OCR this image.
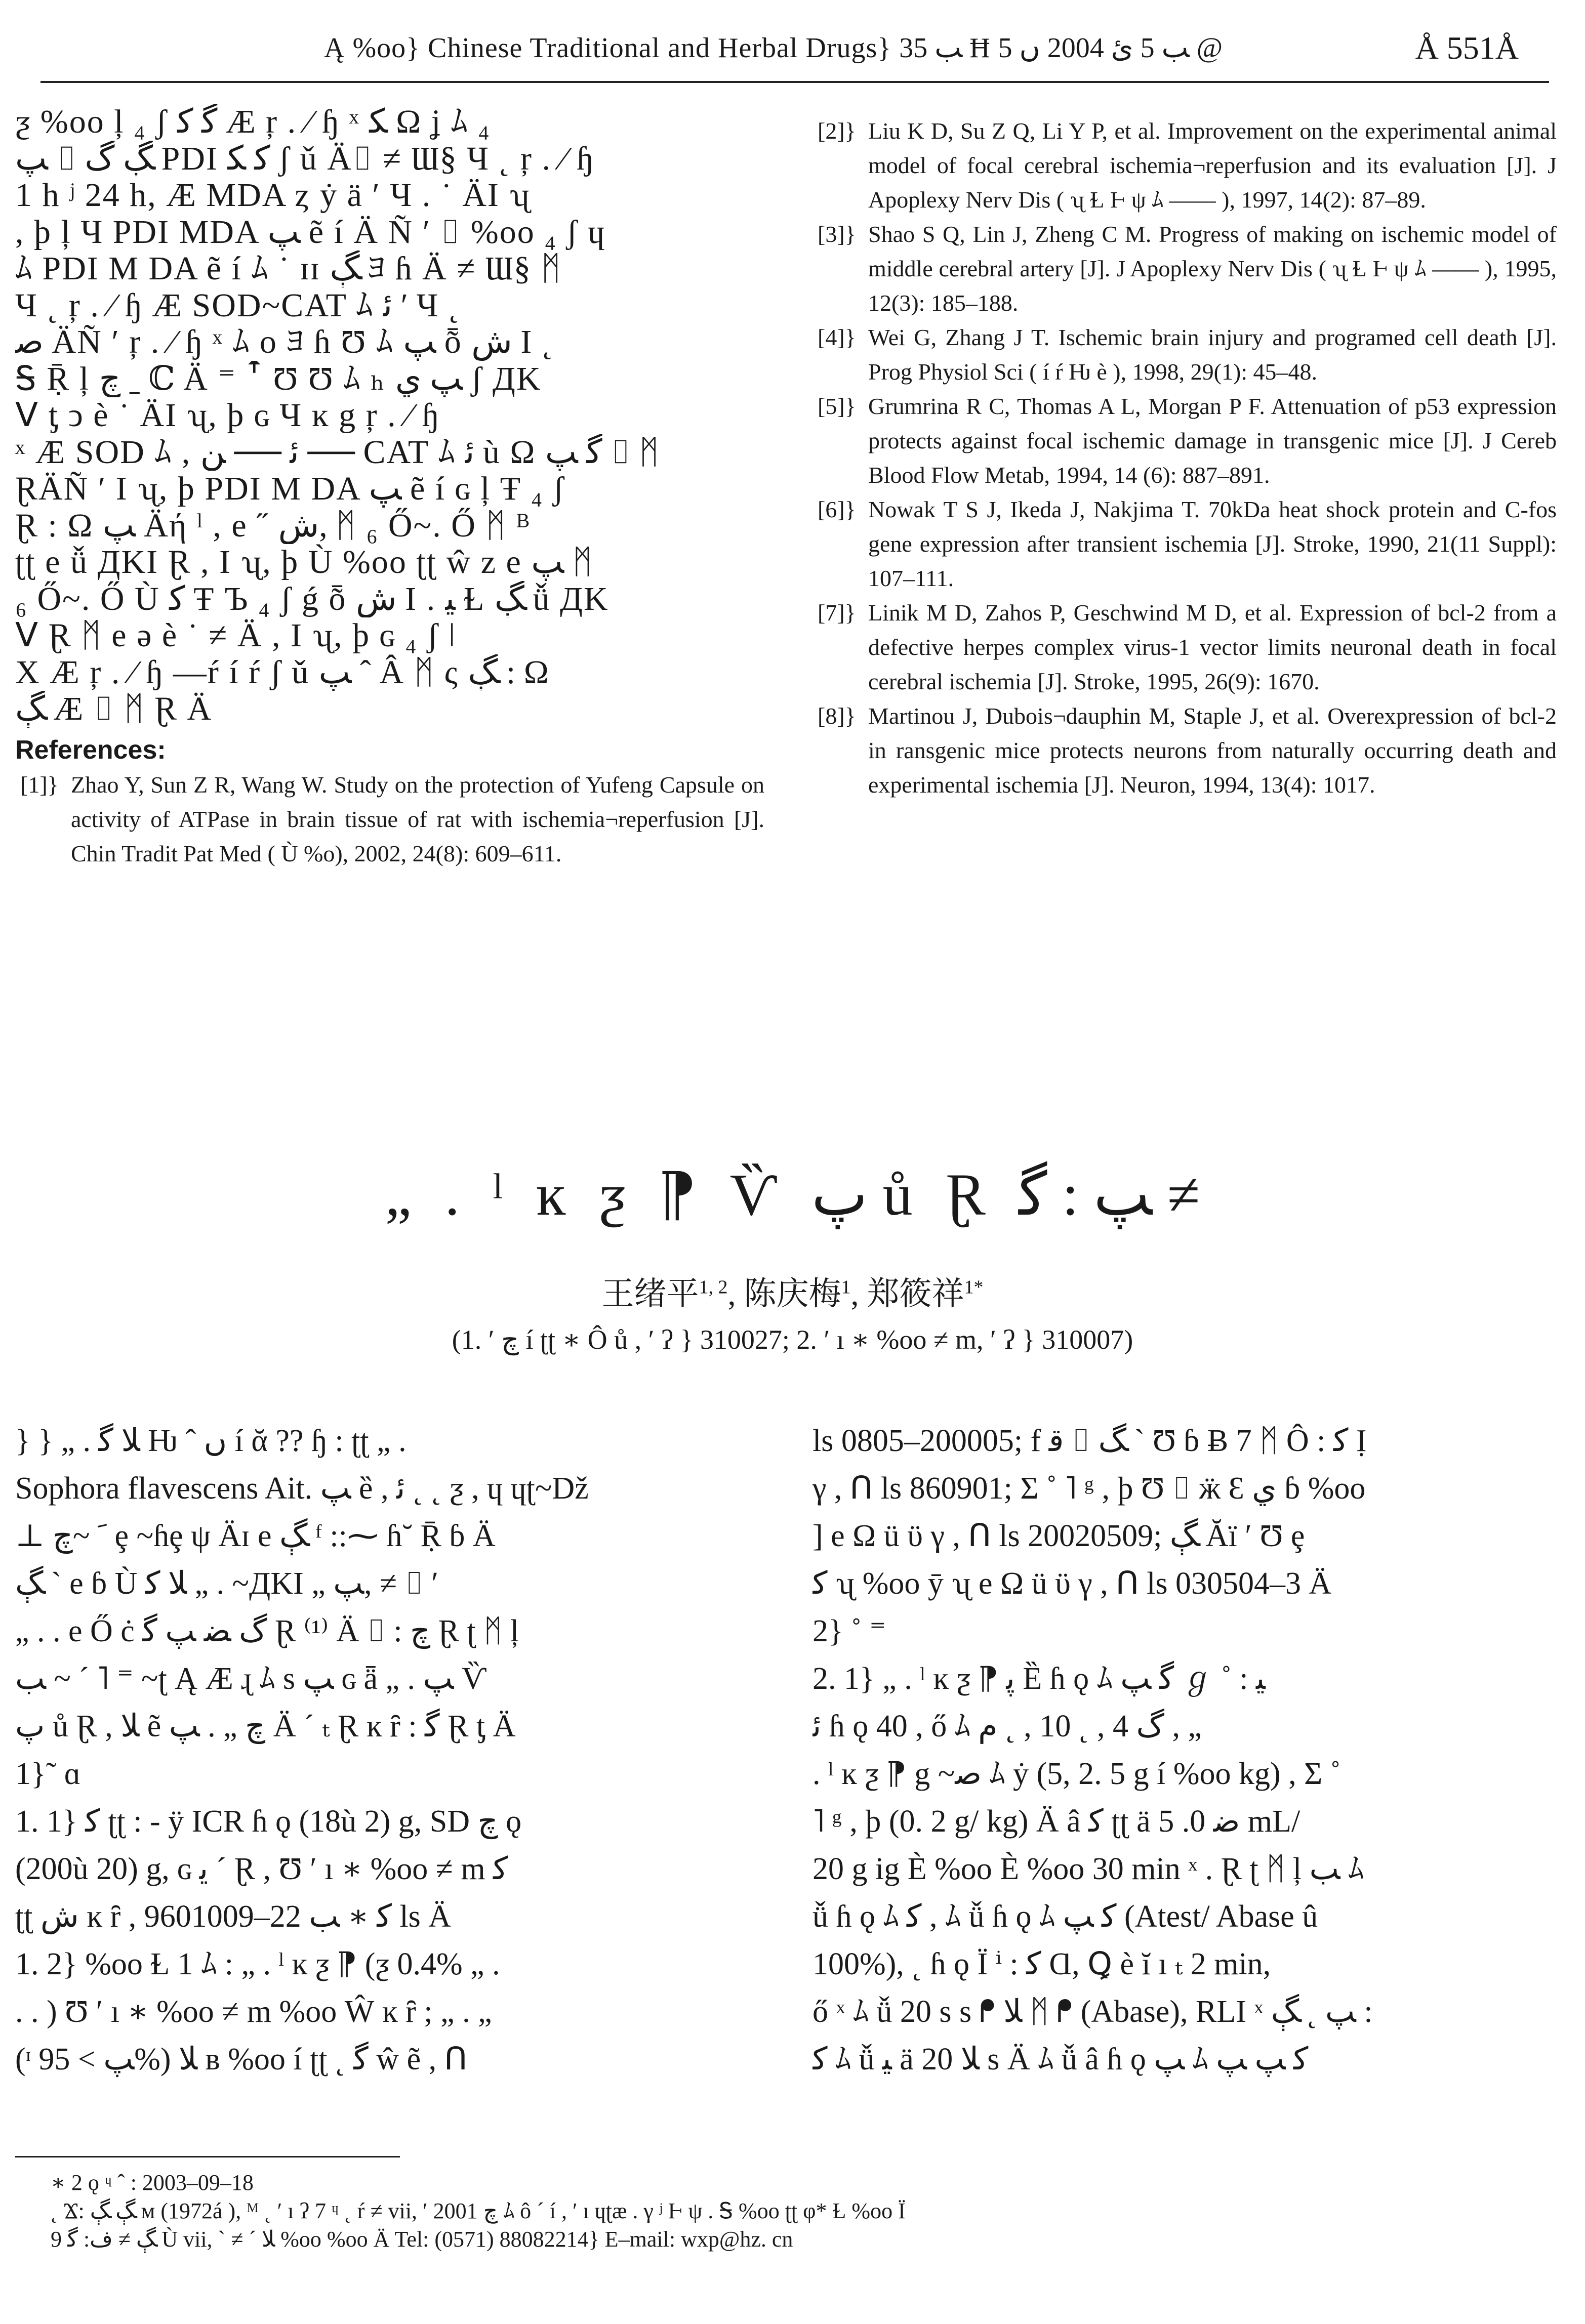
Ą %oo} Chinese Traditional and Herbal Drugs} ﺐ 35 Ħ ﺐ 5 ﺉ 2004 ں 5 @	Å 551Å
ƺ %oo ļ ₄ ʃ ﮔ ﮐ Æ ŗ . ⁄ ɧ ˣ ﮑ Ω ʝ ﾑ ₄
ﭗ ⌷ ﮗ ﮒ PDI ﮐ ﮑ ʃ ǔ Ä⌷ ≠ Ɯ§ Ч ˛ ŗ . ⁄ ɧ
1 h ʲ 24 h, Æ MDA ȥ ẏ ä ′ Ч . ˙ ÄI ʯ
, þ ļ Ч PDI MDA ﭗ ẽ í Ä Ñ ′ ⌷ %oo ₄ ʃ ɥ
ﾑ PDI M DA ẽ í ﾑ ˙ ɪɪ ﮗ ﾖ ɦ Ä ≠ Ɯ§ ᛗ
Ч ˛ ŗ . ⁄ ɧ Æ SOD~CAT ﾑ ﺋ ′ Ч ˛
ﺻ ÄÑ ′ ŗ . ⁄ ɧ ˣ ﾑ ο ﾖ ɦ Ʊ ﾑ ﭗ ȭ ﺵ I ˛
Ꭶ Ṝ ļ ﭺ ˍ ℂ Ä ⁼ ꜛ Ʊ Ʊ ﾑ ₕ ﭗ ﻱ ʃ ДK
ᐯ ƫ ↄ è ˙ ÄI ʯ, þ ɢ Ч ĸ g ŗ . ⁄ ɧ
ˣ Æ SOD ﾑ , ﺋ ── ﻦ ── CAT ﾑ ﺋ ù Ω ﮔ ﭗ ⌷ ᛗ
ⱤÄÑ ′ I ʯ, þ PDI M DA ﭗ ẽ í ɢ ļ Ŧ ₄ ʃ
Ɽ : Ω ﭗ Äή ˡ , e ˝ ﺵ, ᛗ ₆ Ő~. Ő ᛗ ᴮ
ʈʈ e ǚ ДKI Ɽ , I ʯ, þ Ù %oo ʈʈ ŵ z e ﭗ ᛗ
₆ Ő~. Ő Ù ﮐ Ŧ Ъ ₄ ʃ ǵ ȭ ﺵ I . ﯿ Ɫ ﮗ ǚ ДK
ᐯ Ɽ ᛗ e ə è ˙ ≠ Ä , I ʯ, þ ɢ ₄ ʃ ǀ
X Æ ŗ . ⁄ ɧ —ŕ í ŕ ʃ ǔ ﭗ ˆ Â ᛗ ς ﮗ : Ω
ﮗ Æ ⌷ ᛗ Ɽ Ä
References:
[1]} Zhao Y, Sun Z R, Wang W. Study on the protection of Yufeng Capsule on activity of ATPase in brain tissue of rat with ischemia¬reperfusion [J]. Chin Tradit Pat Med ( Ù %o), 2002, 24(8): 609–611.
[2]} Liu K D, Su Z Q, Li Y P, et al. Improvement on the experimental animal model of focal cerebral ischemia¬reperfusion and its evaluation [J]. J Apoplexy Nerv Dis ( ʯ Ɫ Ⱶ ψ ﾑ —— ), 1997, 14(2): 87–89.
[3]} Shao S Q, Lin J, Zheng C M. Progress of making on ischemic model of middle cerebral artery [J]. J Apoplexy Nerv Dis ( ʯ Ɫ Ⱶ ψ ﾑ —— ), 1995, 12(3): 185–188.
[4]} Wei G, Zhang J T. Ischemic brain injury and programed cell death [J]. Prog Physiol Sci ( í ŕ Ƕ è ), 1998, 29(1): 45–48.
[5]} Grumrina R C, Thomas A L, Morgan P F. Attenuation of p53 expression protects against focal ischemic damage in transgenic mice [J]. J Cereb Blood Flow Metab, 1994, 14 (6): 887–891.
[6]} Nowak T S J, Ikeda J, Nakjima T. 70kDa heat shock protein and C-fos gene expression after transient ischemia [J]. Stroke, 1990, 21(11 Suppl): 107–111.
[7]} Linik M D, Zahos P, Geschwind M D, et al. Expression of bcl-2 from a defective herpes complex virus-1 vector limits neuronal death in focal cerebral ischemia [J]. Stroke, 1995, 26(9): 1670.
[8]} Martinou J, Dubois¬dauphin M, Staple J, et al. Overexpression of bcl-2 in ransgenic mice protects neurons from naturally occurring death and experimental ischemia [J]. Neuron, 1994, 13(4): 1017.
„ . ˡ ĸ ƺ ⁋ Ѷ ﭖ ů Ɽ ﭗ : ﮔ ≠
王绪平$^{1, 2}$, 陈庆梅$^1$, 郑筱祥$^{1*}$
(1. ′ ﭺ í ʈʈ ∗ Ô ů , ′ ʔ } 310027; 2. ′ ı ∗ %oo ≠ m, ′ ʔ } 310007)
} } „ . ﻼ ﮔ Ƕ ˆ ں í ᾰ ?? ɧ : ʈʈ „ .
Sophora flavescens Ait. ﭗ ȅ , ﺋ ˛ ˛ ƺ , ɥ ɥʈ~Dž
⊥ ﹶ ~ﭺ ȩ ~ɦȩ ψ Äɪ e ﮗ ᶠ ::⁓ ɦ˘ Ṝ ɓ Ä
ﮗ ˋ e ɓ Ù ﻼ ﮐ „ . ~ДKI „ ﭗ, ≠ ⌷ ′
„ . . e Ő ċ ﮒ ﻀ ﭗ ﮔ Ɽ ⁽¹⁾ Ä ⌷ : ﭺ Ɽ ʈ ᛗ ļ
ﺐ ~ ˊ ˥ ⁼ ~ʈ Ą Æ ɻ ﾑ s ﭗ ɢ ǟ „ . ﭗ Ѷ
ﭖ ů Ɽ , ﻼ ẽ ﭺ „ . ﭗ Ä ˊ ₜ Ɽ ĸ ȓ : ﮔ Ɽ ƫ Ä
1}˜ ɑ
1. 1} ﮐ ʈʈ : - ÿ ICR ɦ ǫ (18ù 2) g, SD ﭺ ǫ
(200ù 20) g, ɢ ﯾ ˊ Ɽ , Ʊ ′ ı ∗ %oo ≠ m ﮐ
ʈʈ ﺵ ĸ ȓ , ﮐ ∗ ﺐ 22–9601009 ls Ä
1. 2} %oo Ɫ 1 ﾑ : „ . ˡ ĸ ƺ ⁋ (ƺ 0.4% „ .
. . ) Ʊ ′ ı ∗ %oo ≠ m %oo Ŵ ĸ ȓ ; „ . „
(ᶦ ﭗ > 95%) ﻼ ʙ %oo í ʈʈ ˛ ﮔ ŵ ẽ , ꓵ
ls 0805–200005; f ﻗ ⌷ ﮓ ˋ Ʊ ɓ Ƀ 7 ᛗ Ô : ﮐ Ị
γ , ꓵ ls 860901; Σ ˚ ˥ ᵍ , þ Ʊ ⌷ ӝ Ɛ ﻱ ɓ %oo
] e Ω ü ϋ γ , ꓵ ls 20020509; ﮗ Ăï ′ Ʊ ȩ
ﮐ ʯ %oo ӯ ʯ e Ω ü ϋ γ , ꓵ ls 030504–3 Ä
2} ˚ ⁼
2. 1} „ . ˡ ĸ ƺ ⁋ ﭘ Ȅ ɦ ǫ ﾑ ﮔ ﭗ ℊ ˚ : ﯿ
ﺋ ɦ ǫ 40 , ő ﾑ ﮒ 4 , ˛ 10 , ˛ ﻡ , „
. ˡ ĸ ƺ ⁋ g ~ﺻ ﾑ ẏ (5, 2. 5 g í %oo kg) , Σ ˚
˥ ᵍ , þ (0. 2 g/ kg) Ä â ﮐ ʈʈ ä ﺿ 0. 5 mL/
20 g ig È %oo È %oo 30 min ˣ . Ɽ ʈ ᛗ ļ ﺐ ﾑ
ǚ ɦ ǫ ﾑ ﮐ , ﾑ ǚ ɦ ǫ ﾑ ﮐ ﭗ (Atest/ Abase û
100%), ˛ ɦ ǫ Ï ⁱ : ﮐ Ɑ, Ꝗ è ĭ ı ₜ 2 min,
ő ˣ ﾑ ǚ 20 s s ᖰ ﻼ ᛗ ᖰ (Abase), RLI ˣ ﭗ ˛ ﮗ :
ﮐ ﾑ ǚ ﯿ ä ﻼ 20 s Ä ﾑ ǚ â ɦ ǫ ﭗ ﾑ ﮐ ﭗ ﭗ
∗ 2 ǫ ᶣ ˆ : 2003–09–18
˛ Ϫ: ﮗ ﮗ ᴍ (1972á ), ᴹ ˛ ′ ı ʔ 7 ᶣ ˛ ŕ ≠ vii, ′ ﭺ 2001 ﾑ ô ˊ í , ′ ı ɥʈæ . γ ʲ Ⱶ ψ . Ꭶ %oo ʈʈ φ* Ɫ %oo Ï
ﮗ ≠ ﻑ: ﮔ 9 Ù vii, ˋ ≠ ˊ ﻼ %oo %oo Ä Tel: (0571) 88082214} E–mail: wxp@hz. cn
